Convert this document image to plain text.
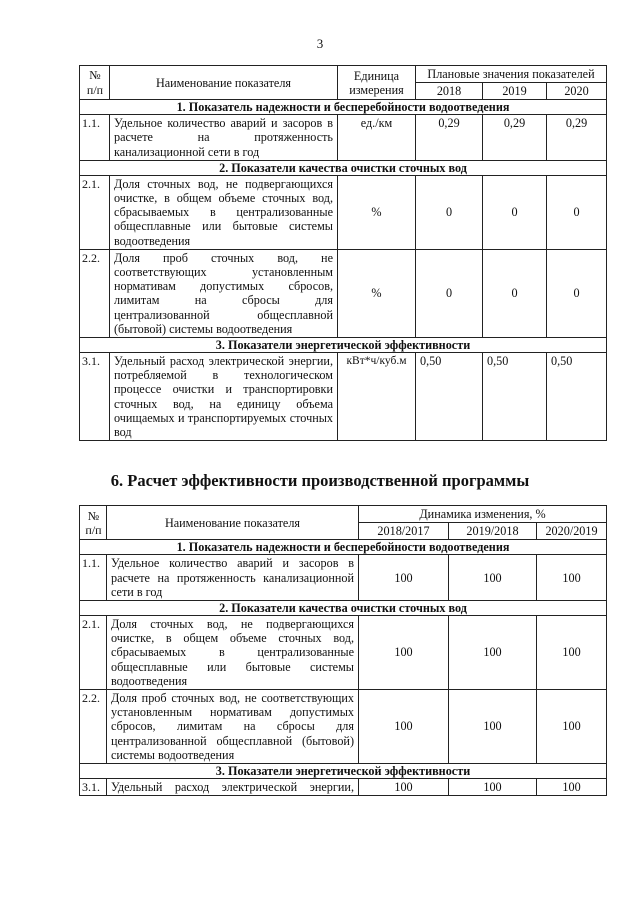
3
№
п/п	Наименование показателя	Единица измерения	Плановые значения показателей		
			2018	2019	2020
1. Показатель надежности и бесперебойности водоотведения					
1.1.	Удельное количество аварий и засоров в расчете на протяженность канализационной сети в год	ед./км	0,29	0,29	0,29
2. Показатели качества очистки сточных вод					
2.1.	Доля сточных вод, не подвергающихся очистке, в общем объеме сточных вод, сбрасываемых в централизованные общесплавные или бытовые системы водоотведения	%	0	0	0
2.2.	Доля проб сточных вод, не соответствующих установленным нормативам допустимых сбросов, лимитам на сбросы для централизованной общесплавной (бытовой) системы водоотведения	%	0	0	0
3. Показатели энергетической эффективности					
3.1.	Удельный расход электрической энергии, потребляемой в технологическом процессе очистки и транспортировки сточных вод, на единицу объема очищаемых и транспортируемых сточных вод	кВт*ч/куб.м	0,50	0,50	0,50
6. Расчет эффективности производственной программы
№
п/п	Наименование показателя	Динамика изменения, %		
		2018/2017	2019/2018	2020/2019
1. Показатель надежности и бесперебойности водоотведения				
1.1.	Удельное количество аварий и засоров в расчете на протяженность канализационной сети в год	100	100	100
2. Показатели качества очистки сточных вод				
2.1.	Доля сточных вод, не подвергающихся очистке, в общем объеме сточных вод, сбрасываемых в централизованные общесплавные или бытовые системы водоотведения	100	100	100
2.2.	Доля проб сточных вод, не соответствующих установленным нормативам допустимых сбросов, лимитам на сбросы для централизованной общесплавной (бытовой) системы водоотведения	100	100	100
3. Показатели энергетической эффективности				
3.1.	Удельный расход электрической энергии,	100	100	100
